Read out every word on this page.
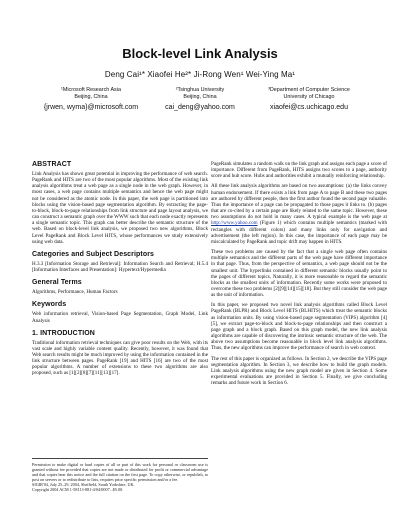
Block-level Link Analysis
Deng Cai¹* Xiaofei He²* Ji-Rong Wen¹ Wei-Ying Ma¹
¹Microsoft Research Asia
Beijing, China
{jrwen, wyma}@microsoft.com
²Tsinghua University
Beijing, China
cai_deng@yahoo.com
³Department of Computer Science
University of Chicago
xiaofei@cs.uchicago.edu
ABSTRACT

Link Analysis has shown great potential in improving the performance of web search. PageRank and HITS are two of the most popular algorithms. Most of the existing link analysis algorithms treat a web page as a single node in the web graph. However, in most cases, a web page contains multiple semantics and hence the web page might not be considered as the atomic node. In this paper, the web page is partitioned into blocks using the vision-based page segmentation algorithm. By extracting the page-to-block, block-to-page relationships from link structure and page layout analysis, we can construct a semantic graph over the WWW such that each node exactly represents a single semantic topic. This graph can better describe the semantic structure of the web. Based on block-level link analysis, we proposed two new algorithms, Block Level PageRank and Block Level HITS, whose performances we study extensively using web data.

Categories and Subject Descriptors

H.3.3 [Information Storage and Retrieval]: Information Search and Retrieval; H.5.4 [Information Interfaces and Presentation]: Hypertext/Hypermedia

General Terms

Algorithms, Performance, Human Factors

Keywords

Web information retrieval, Vision-based Page Segmentation, Graph Model, Link Analysis

1. INTRODUCTION

Traditional information retrieval techniques can give poor results on the Web, with its vast scale and highly variable content quality. Recently, however, it was found that Web search results might be much improved by using the information contained in the link structure between pages. PageRank [19] and HITS [16] are two of the most popular algorithms. A number of extensions to these two algorithms are also proposed, such as [1][2][8][7][11][13][17].

Permission to make digital or hard copies of all or part of this work for personal or classroom use is granted without fee provided that copies are not made or distributed for profit or commercial advantage and that copies bear this notice and the full citation on the first page. To copy otherwise, or republish, to post on servers or to redistribute to lists, requires prior specific permission and/or a fee.

SIGIR'04, July 25–29, 2004, Sheffield, South Yorkshire, UK.

Copyright 2004 ACM 1-58113-881-4/04/0007...$5.00.

PageRank simulates a random walk on the link graph and assigns each page a score of importance. Different from PageRank, HITS assigns two scores to a page, authority score and hub score. Hubs and authorities exhibit a mutually reinforcing relationship.

All these link analysis algorithms are based on two assumptions: (a) the links convey human endorsement. If there exists a link from page A to page B and these two pages are authored by different people, then the first author found the second page valuable. Thus the importance of a page can be propagated to those pages it links to. (b) pages that are co-cited by a certain page are likely related to the same topic. However, these two assumptions do not hold in many cases. A typical example is the web page at http://www.yahoo.com (Figure 1) which contains multiple semantics (marked with rectangles with different colors) and many links only for navigation and advertisement (the left region). In this case, the importance of each page may be miscalculated by PageRank and topic drift may happen in HITS.

These two problems are caused by the fact that a single web page often contains multiple semantics and the different parts of the web page have different importance in that page. Thus, from the perspective of semantics, a web page should not be the smallest unit. The hyperlinks contained in different semantic blocks usually point to the pages of different topics. Naturally, it is more reasonable to regard the semantic blocks as the smallest units of information. Recently some works were proposed to overcome these two problems [2][9][14][15][18]. But they still consider the web page as the unit of information.

In this paper, we proposed two novel link analysis algorithms called Block Level PageRank (BLPR) and Block Level HITS (BLHITS) which treat the semantic blocks as information units. By using vision-based page segmentation (VIPS) algorithm [4][5], we extract page-to-block and block-to-page relationships and then construct a page graph and a block graph. Based on this graph model, the new link analysis algorithms are capable of discovering the intrinsic semantic structure of the web. The above two assumptions become reasonable in block level link analysis algorithms. Thus, the new algorithms can improve the performance of search in web context.

The rest of this paper is organized as follows. In Section 2, we describe the VIPS page segmentation algorithm. In Section 3, we describe how to build the graph models. Link analysis algorithms using the new graph model are given in Section 4. Some experimental evaluations are provided in Section 5. Finally, we give concluding remarks and future work in Section 6.
